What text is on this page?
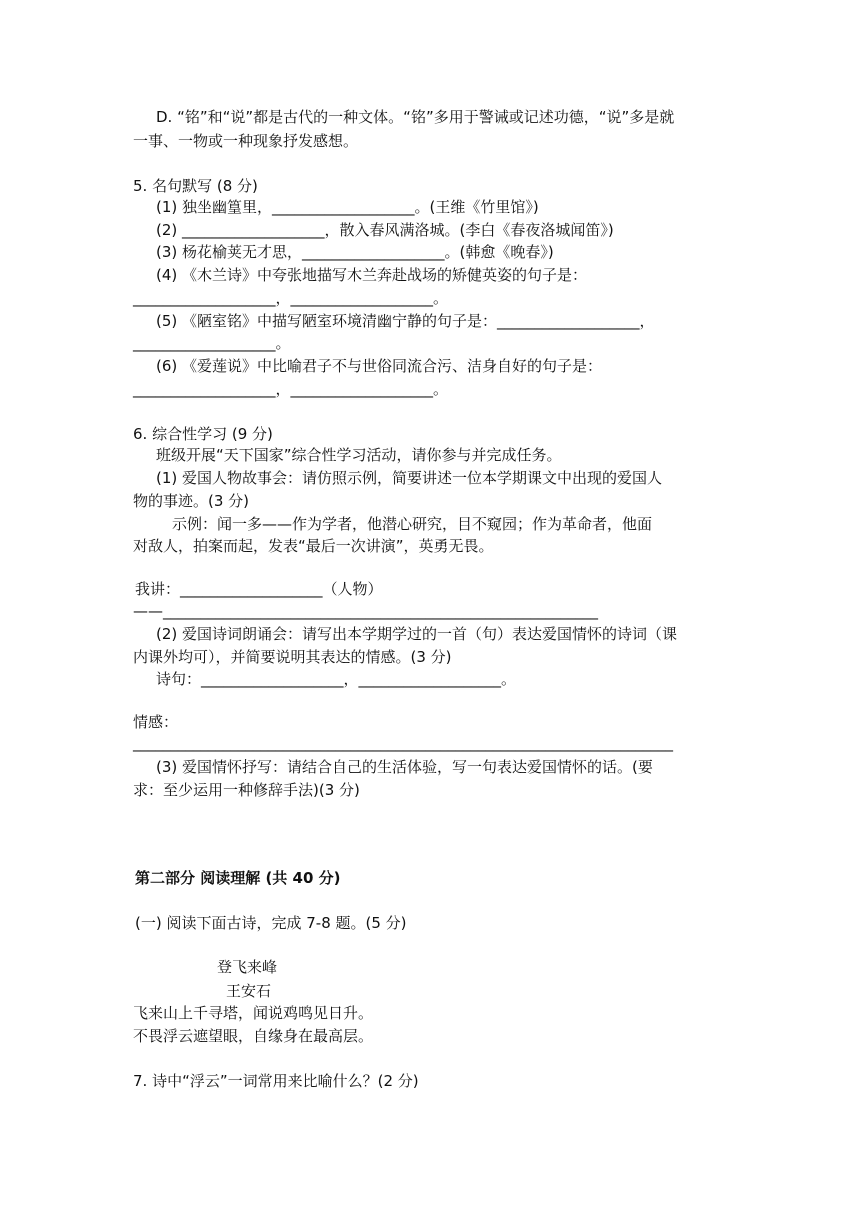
D. “铭”和“说”都是古代的一种文体。“铭”多用于警诫或记述功德，“说”多是就
一事、一物或一种现象抒发感想。
5. 名句默写 (8 分)
(1) 独坐幽篁里，___________________。(王维《竹里馆》)
(2) ___________________，散入春风满洛城。(李白《春夜洛城闻笛》)
(3) 杨花榆荚无才思，___________________。(韩愈《晚春》)
(4) 《木兰诗》中夸张地描写木兰奔赴战场的矫健英姿的句子是：
___________________，___________________。
(5) 《陋室铭》中描写陋室环境清幽宁静的句子是：___________________，
___________________。
(6) 《爱莲说》中比喻君子不与世俗同流合污、洁身自好的句子是：
___________________，___________________。
6. 综合性学习 (9 分)
班级开展“天下国家”综合性学习活动，请你参与并完成任务。
(1) 爱国人物故事会：请仿照示例，简要讲述一位本学期课文中出现的爱国人
物的事迹。(3 分)
示例：闻一多——作为学者，他潜心研究，目不窥园；作为革命者，他面
对敌人，拍案而起，发表“最后一次讲演”，英勇无畏。
我讲：___________________（人物）
——__________________________________________________________
(2) 爱国诗词朗诵会：请写出本学期学过的一首（句）表达爱国情怀的诗词（课
内课外均可），并简要说明其表达的情感。(3 分)
诗句：___________________，___________________。
情感：
________________________________________________________________________
(3) 爱国情怀抒写：请结合自己的生活体验，写一句表达爱国情怀的话。(要
求：至少运用一种修辞手法)(3 分)
第二部分 阅读理解 (共 40 分)
(一) 阅读下面古诗，完成 7-8 题。(5 分)
登飞来峰
王安石
飞来山上千寻塔，闻说鸡鸣见日升。
不畏浮云遮望眼，自缘身在最高层。
7. 诗中“浮云”一词常用来比喻什么？(2 分)
